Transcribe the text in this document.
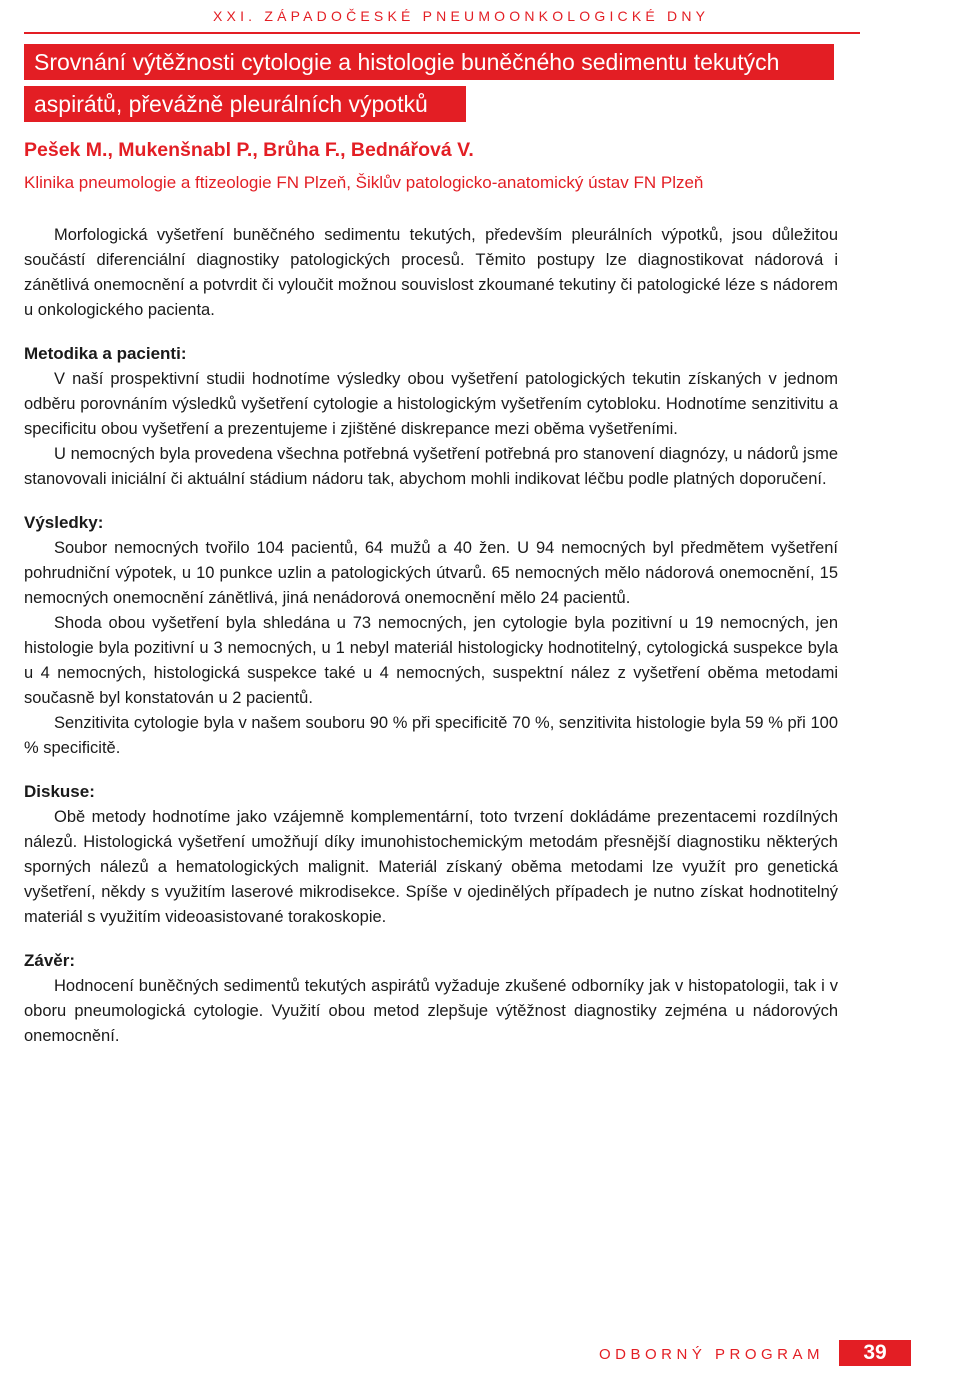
XXI. ZÁPADOČESKÉ PNEUMOONKOLOGICKÉ DNY
Srovnání výtěžnosti cytologie a histologie buněčného sedimentu tekutých
aspirátů, převážně pleurálních výpotků
Pešek M., Mukenšnabl P., Brůha F., Bednářová V.
Klinika pneumologie a ftizeologie FN Plzeň, Šiklův patologicko-anatomický ústav FN Plzeň

Morfologická vyšetření buněčného sedimentu tekutých, především pleurálních výpotků, jsou důležitou součástí diferenciální diagnostiky patologických procesů. Těmito postupy lze diagnostikovat nádorová i zánětlivá onemocnění a potvrdit či vyloučit možnou souvislost zkoumané tekutiny či patologické léze s nádorem u onkologického pacienta.

Metodika a pacienti:

V naší prospektivní studii hodnotíme výsledky obou vyšetření patologických tekutin získaných v jednom odběru porovnáním výsledků vyšetření cytologie a histologickým vyšetřením cytobloku. Hodnotíme senzitivitu a specificitu obou vyšetření a prezentujeme i zjištěné diskrepance mezi oběma vyšetřeními.

U nemocných byla provedena všechna potřebná vyšetření potřebná pro stanovení diagnózy, u nádorů jsme stanovovali iniciální či aktuální stádium nádoru tak, abychom mohli indikovat léčbu podle platných doporučení.

Výsledky:

Soubor nemocných tvořilo 104 pacientů, 64 mužů a 40 žen. U 94 nemocných byl předmětem vyšetření pohrudniční výpotek, u 10 punkce uzlin a patologických útvarů. 65 nemocných mělo nádorová onemocnění, 15 nemocných onemocnění zánětlivá, jiná nenádorová onemocnění mělo 24 pacientů.

Shoda obou vyšetření byla shledána u 73 nemocných, jen cytologie byla pozitivní u 19 nemocných, jen histologie byla pozitivní u 3 nemocných, u 1 nebyl materiál histologicky hodnotitelný, cytologická suspekce byla u 4 nemocných, histologická suspekce také u 4 nemocných, suspektní nález z vyšetření oběma metodami současně byl konstatován u 2 pacientů.

Senzitivita cytologie byla v našem souboru 90 % při specificitě 70 %, senzitivita histologie byla 59 % při 100 % specificitě.

Diskuse:

Obě metody hodnotíme jako vzájemně komplementární, toto tvrzení dokládáme prezentacemi rozdílných nálezů. Histologická vyšetření umožňují díky imunohistochemickým metodám přesnější diagnostiku některých sporných nálezů a hematologických malignit. Materiál získaný oběma metodami lze využít pro genetická vyšetření, někdy s využitím laserové mikrodisekce. Spíše v ojedinělých případech je nutno získat hodnotitelný materiál s využitím videoasistované torakoskopie.

Závěr:

Hodnocení buněčných sedimentů tekutých aspirátů vyžaduje zkušené odborníky jak v histopatologii, tak i v oboru pneumologická cytologie. Využití obou metod zlepšuje výtěžnost diagnostiky zejména u nádorových onemocnění.

ODBORNÝ PROGRAM	39
